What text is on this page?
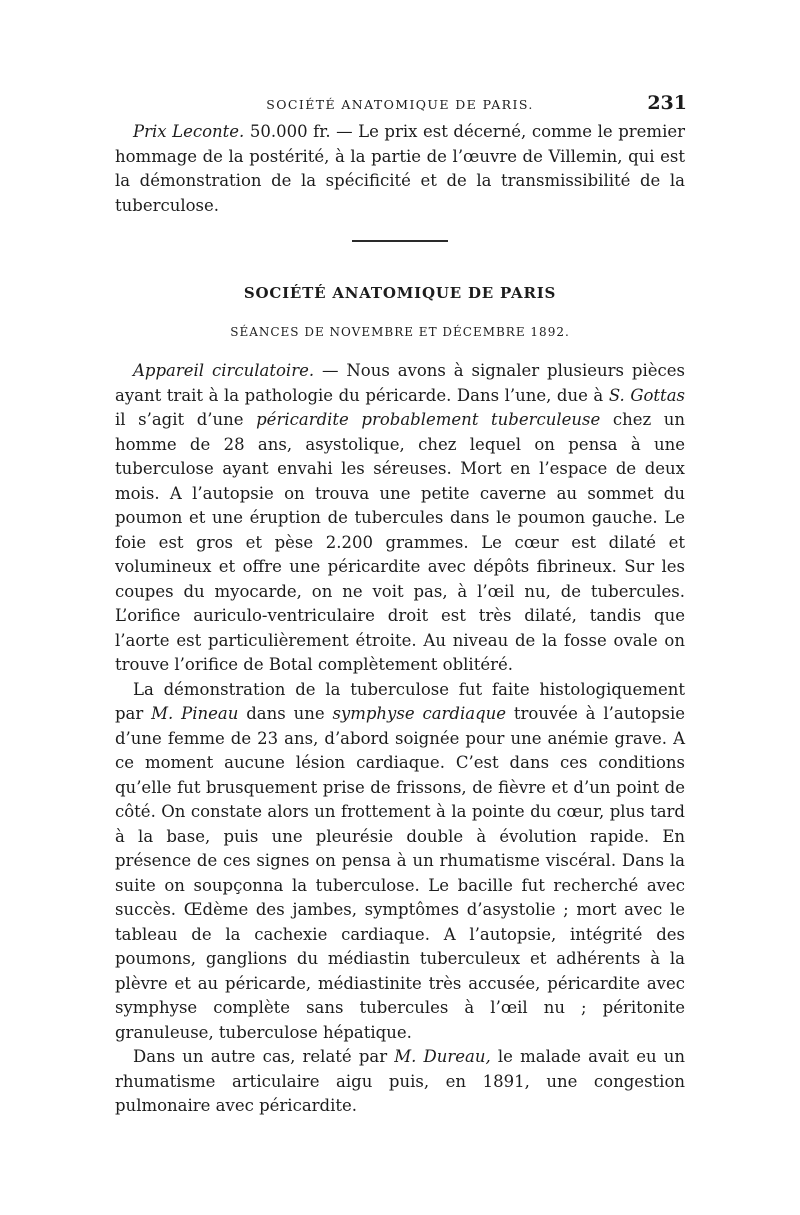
SOCIÉTÉ ANATOMIQUE DE PARIS.	231

Prix Leconte. 50.000 fr. — Le prix est décerné, comme le premier hommage de la postérité, à la partie de l’œuvre de Villemin, qui est la démonstration de la spécificité et de la transmissibilité de la tuberculose.

SOCIÉTÉ ANATOMIQUE DE PARIS
SÉANCES DE NOVEMBRE ET DÉCEMBRE 1892.

Appareil circulatoire. — Nous avons à signaler plusieurs pièces ayant trait à la pathologie du péricarde. Dans l’une, due à S. Gottas il s’agit d’une péricardite probablement tuberculeuse chez un homme de 28 ans, asystolique, chez lequel on pensa à une tuberculose ayant envahi les séreuses. Mort en l’espace de deux mois. A l’autopsie on trouva une petite caverne au sommet du poumon et une éruption de tubercules dans le poumon gauche. Le foie est gros et pèse 2.200 grammes. Le cœur est dilaté et volumineux et offre une péricardite avec dépôts fibrineux. Sur les coupes du myocarde, on ne voit pas, à l’œil nu, de tubercules. L’orifice auriculo-ventriculaire droit est très dilaté, tandis que l’aorte est particulièrement étroite. Au niveau de la fosse ovale on trouve l’orifice de Botal complètement oblitéré.

La démonstration de la tuberculose fut faite histologiquement par M. Pineau dans une symphyse cardiaque trouvée à l’autopsie d’une femme de 23 ans, d’abord soignée pour une anémie grave. A ce moment aucune lésion cardiaque. C’est dans ces conditions qu’elle fut brusquement prise de frissons, de fièvre et d’un point de côté. On constate alors un frottement à la pointe du cœur, plus tard à la base, puis une pleurésie double à évolution rapide. En présence de ces signes on pensa à un rhumatisme viscéral. Dans la suite on soupçonna la tuberculose. Le bacille fut recherché avec succès. Œdème des jambes, symptômes d’asystolie ; mort avec le tableau de la cachexie cardiaque. A l’autopsie, intégrité des poumons, ganglions du médiastin tuberculeux et adhérents à la plèvre et au péricarde, médiastinite très accusée, péricardite avec symphyse complète sans tubercules à l’œil nu ; péritonite granuleuse, tuberculose hépatique.

Dans un autre cas, relaté par M. Dureau, le malade avait eu un rhumatisme articulaire aigu puis, en 1891, une congestion pulmonaire avec péricardite.
